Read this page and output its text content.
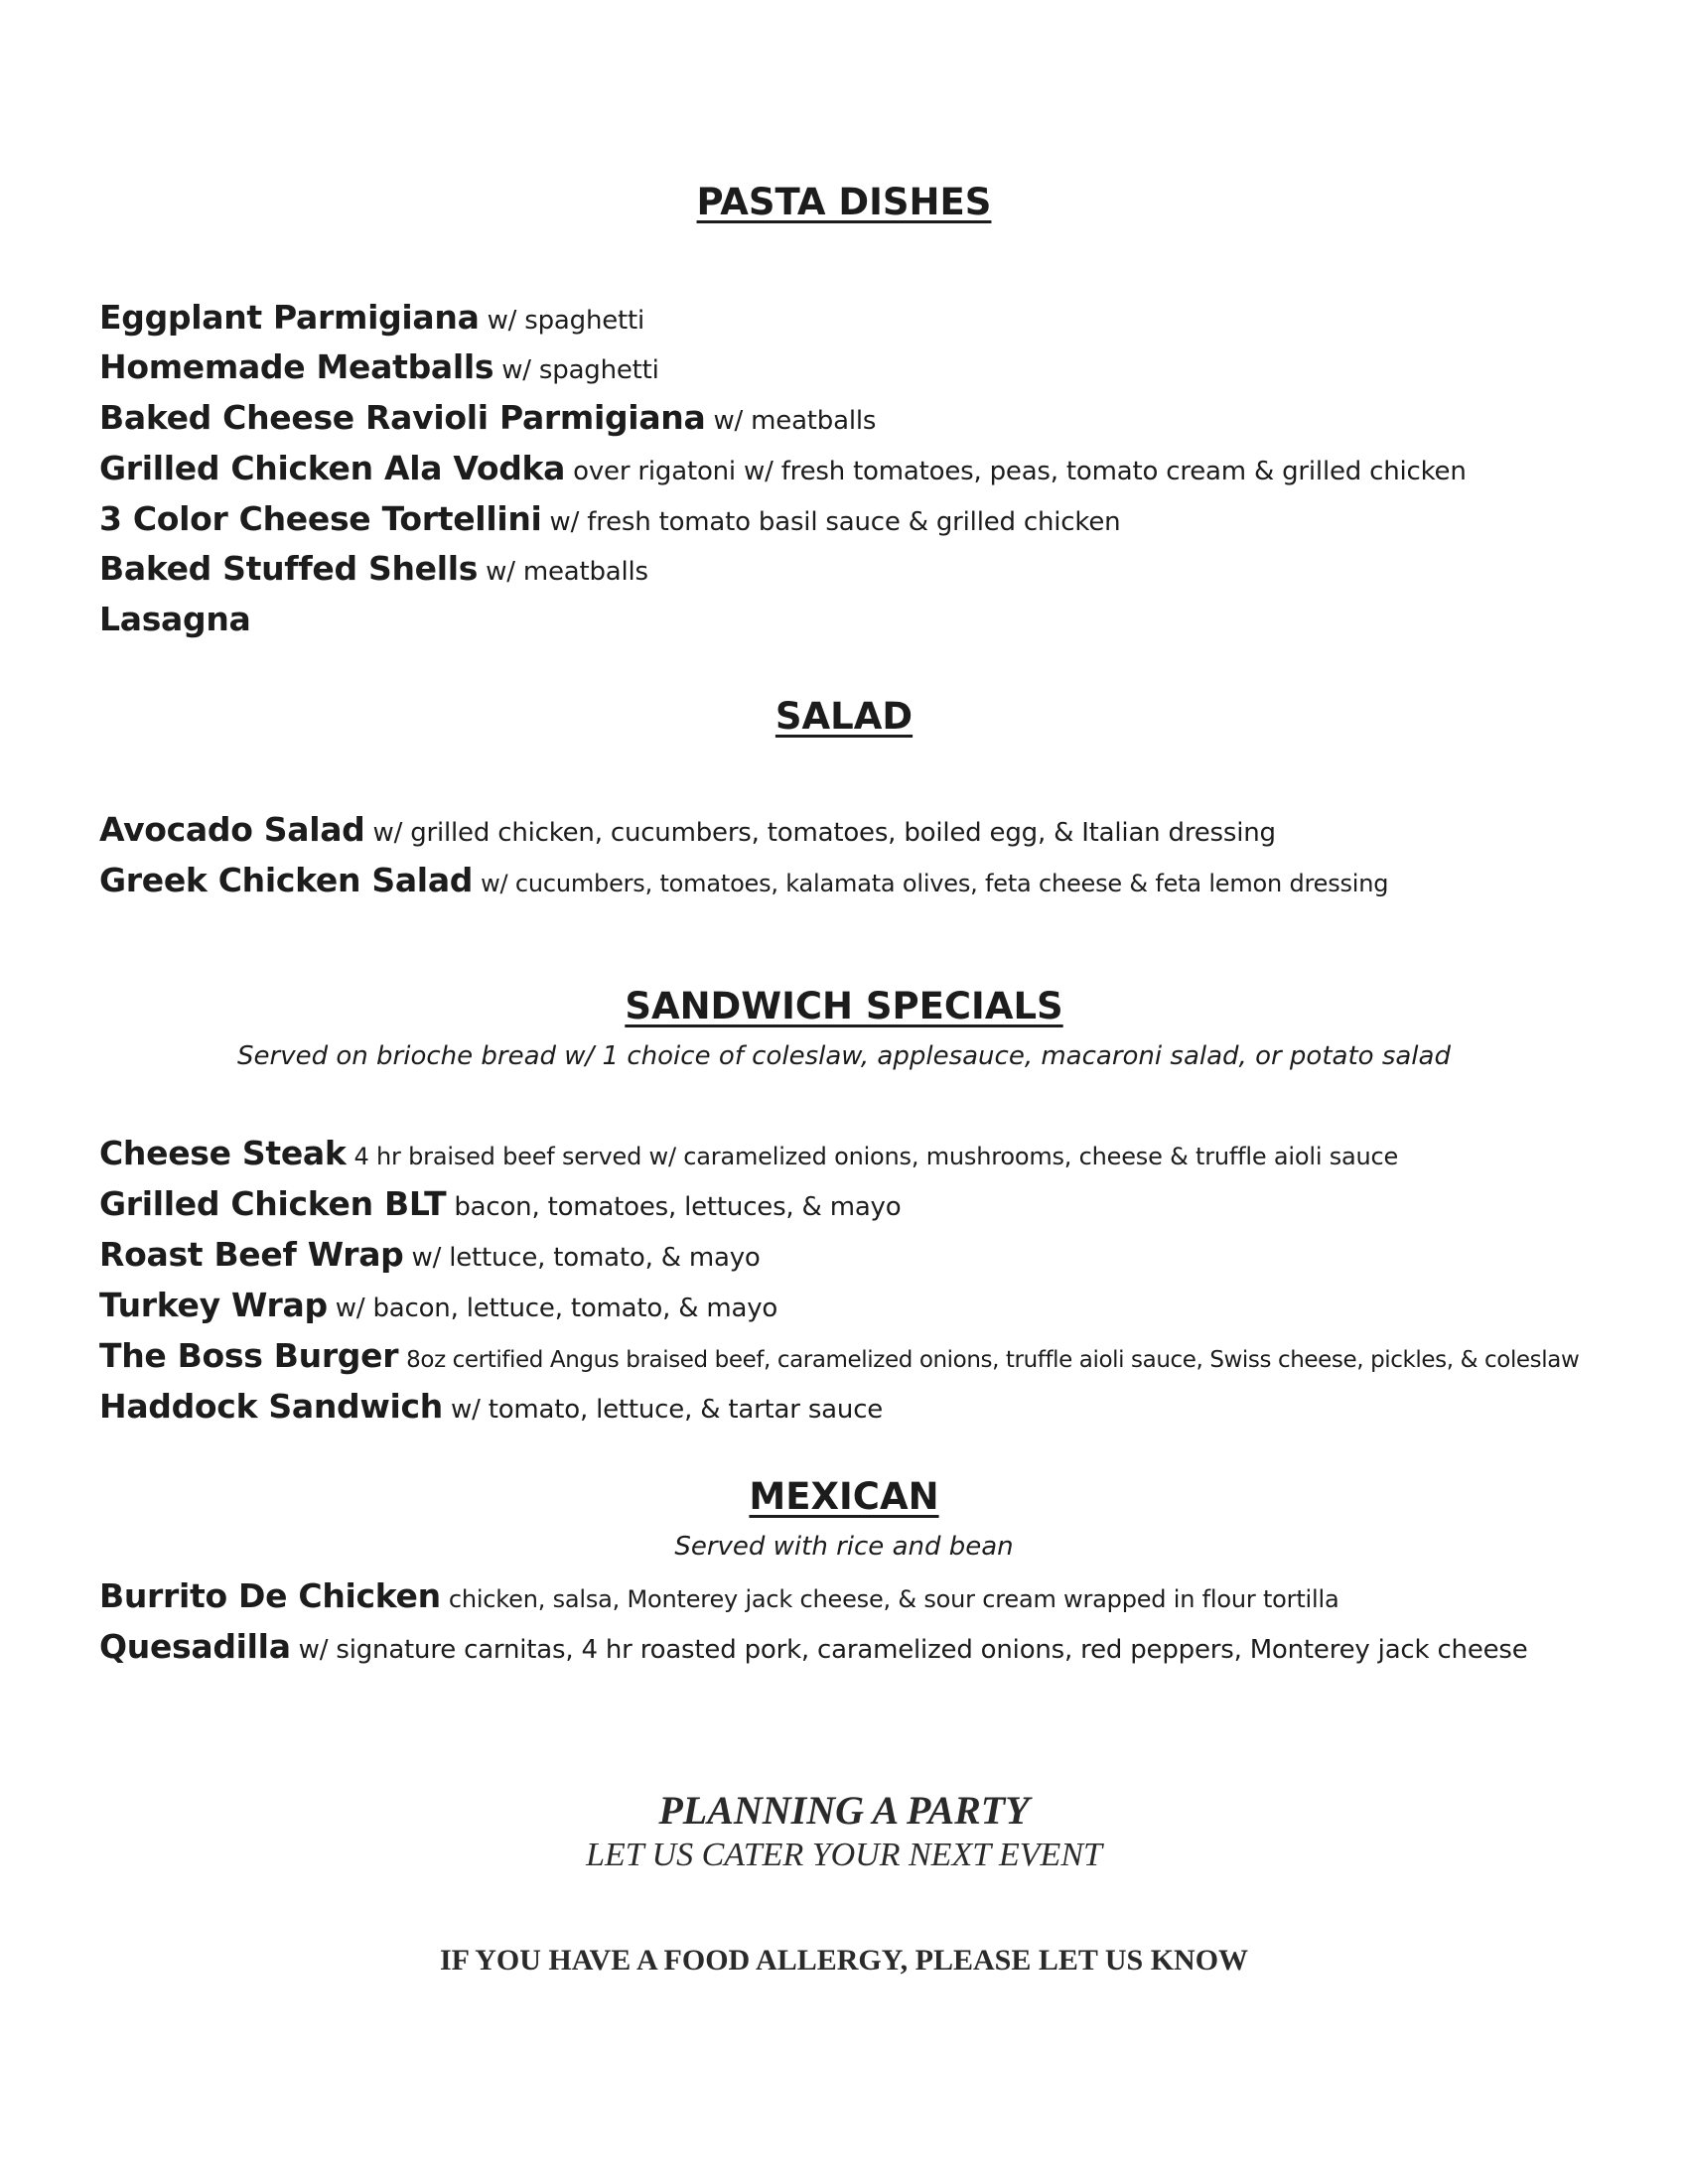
PASTA DISHES
Eggplant Parmigiana w/ spaghetti
Homemade Meatballs w/ spaghetti
Baked Cheese Ravioli Parmigiana w/ meatballs
Grilled Chicken Ala Vodka over rigatoni w/ fresh tomatoes, peas, tomato cream & grilled chicken
3 Color Cheese Tortellini w/ fresh tomato basil sauce & grilled chicken
Baked Stuffed Shells w/ meatballs
Lasagna
SALAD
Avocado Salad w/ grilled chicken, cucumbers, tomatoes, boiled egg, & Italian dressing
Greek Chicken Salad w/ cucumbers, tomatoes, kalamata olives, feta cheese & feta lemon dressing
SANDWICH SPECIALS
Served on brioche bread w/ 1 choice of coleslaw, applesauce, macaroni salad, or potato salad
Cheese Steak 4 hr braised beef served w/ caramelized onions, mushrooms, cheese & truffle aioli sauce
Grilled Chicken BLT bacon, tomatoes, lettuces, & mayo
Roast Beef Wrap w/ lettuce, tomato, & mayo
Turkey Wrap w/ bacon, lettuce, tomato, & mayo
The Boss Burger 8oz certified Angus braised beef, caramelized onions, truffle aioli sauce, Swiss cheese, pickles, & coleslaw
Haddock Sandwich w/ tomato, lettuce, & tartar sauce
MEXICAN
Served with rice and bean
Burrito De Chicken chicken, salsa, Monterey jack cheese, & sour cream wrapped in flour tortilla
Quesadilla w/ signature carnitas, 4 hr roasted pork, caramelized onions, red peppers, Monterey jack cheese
PLANNING A PARTY
LET US CATER YOUR NEXT EVENT
IF YOU HAVE A FOOD ALLERGY, PLEASE LET US KNOW
